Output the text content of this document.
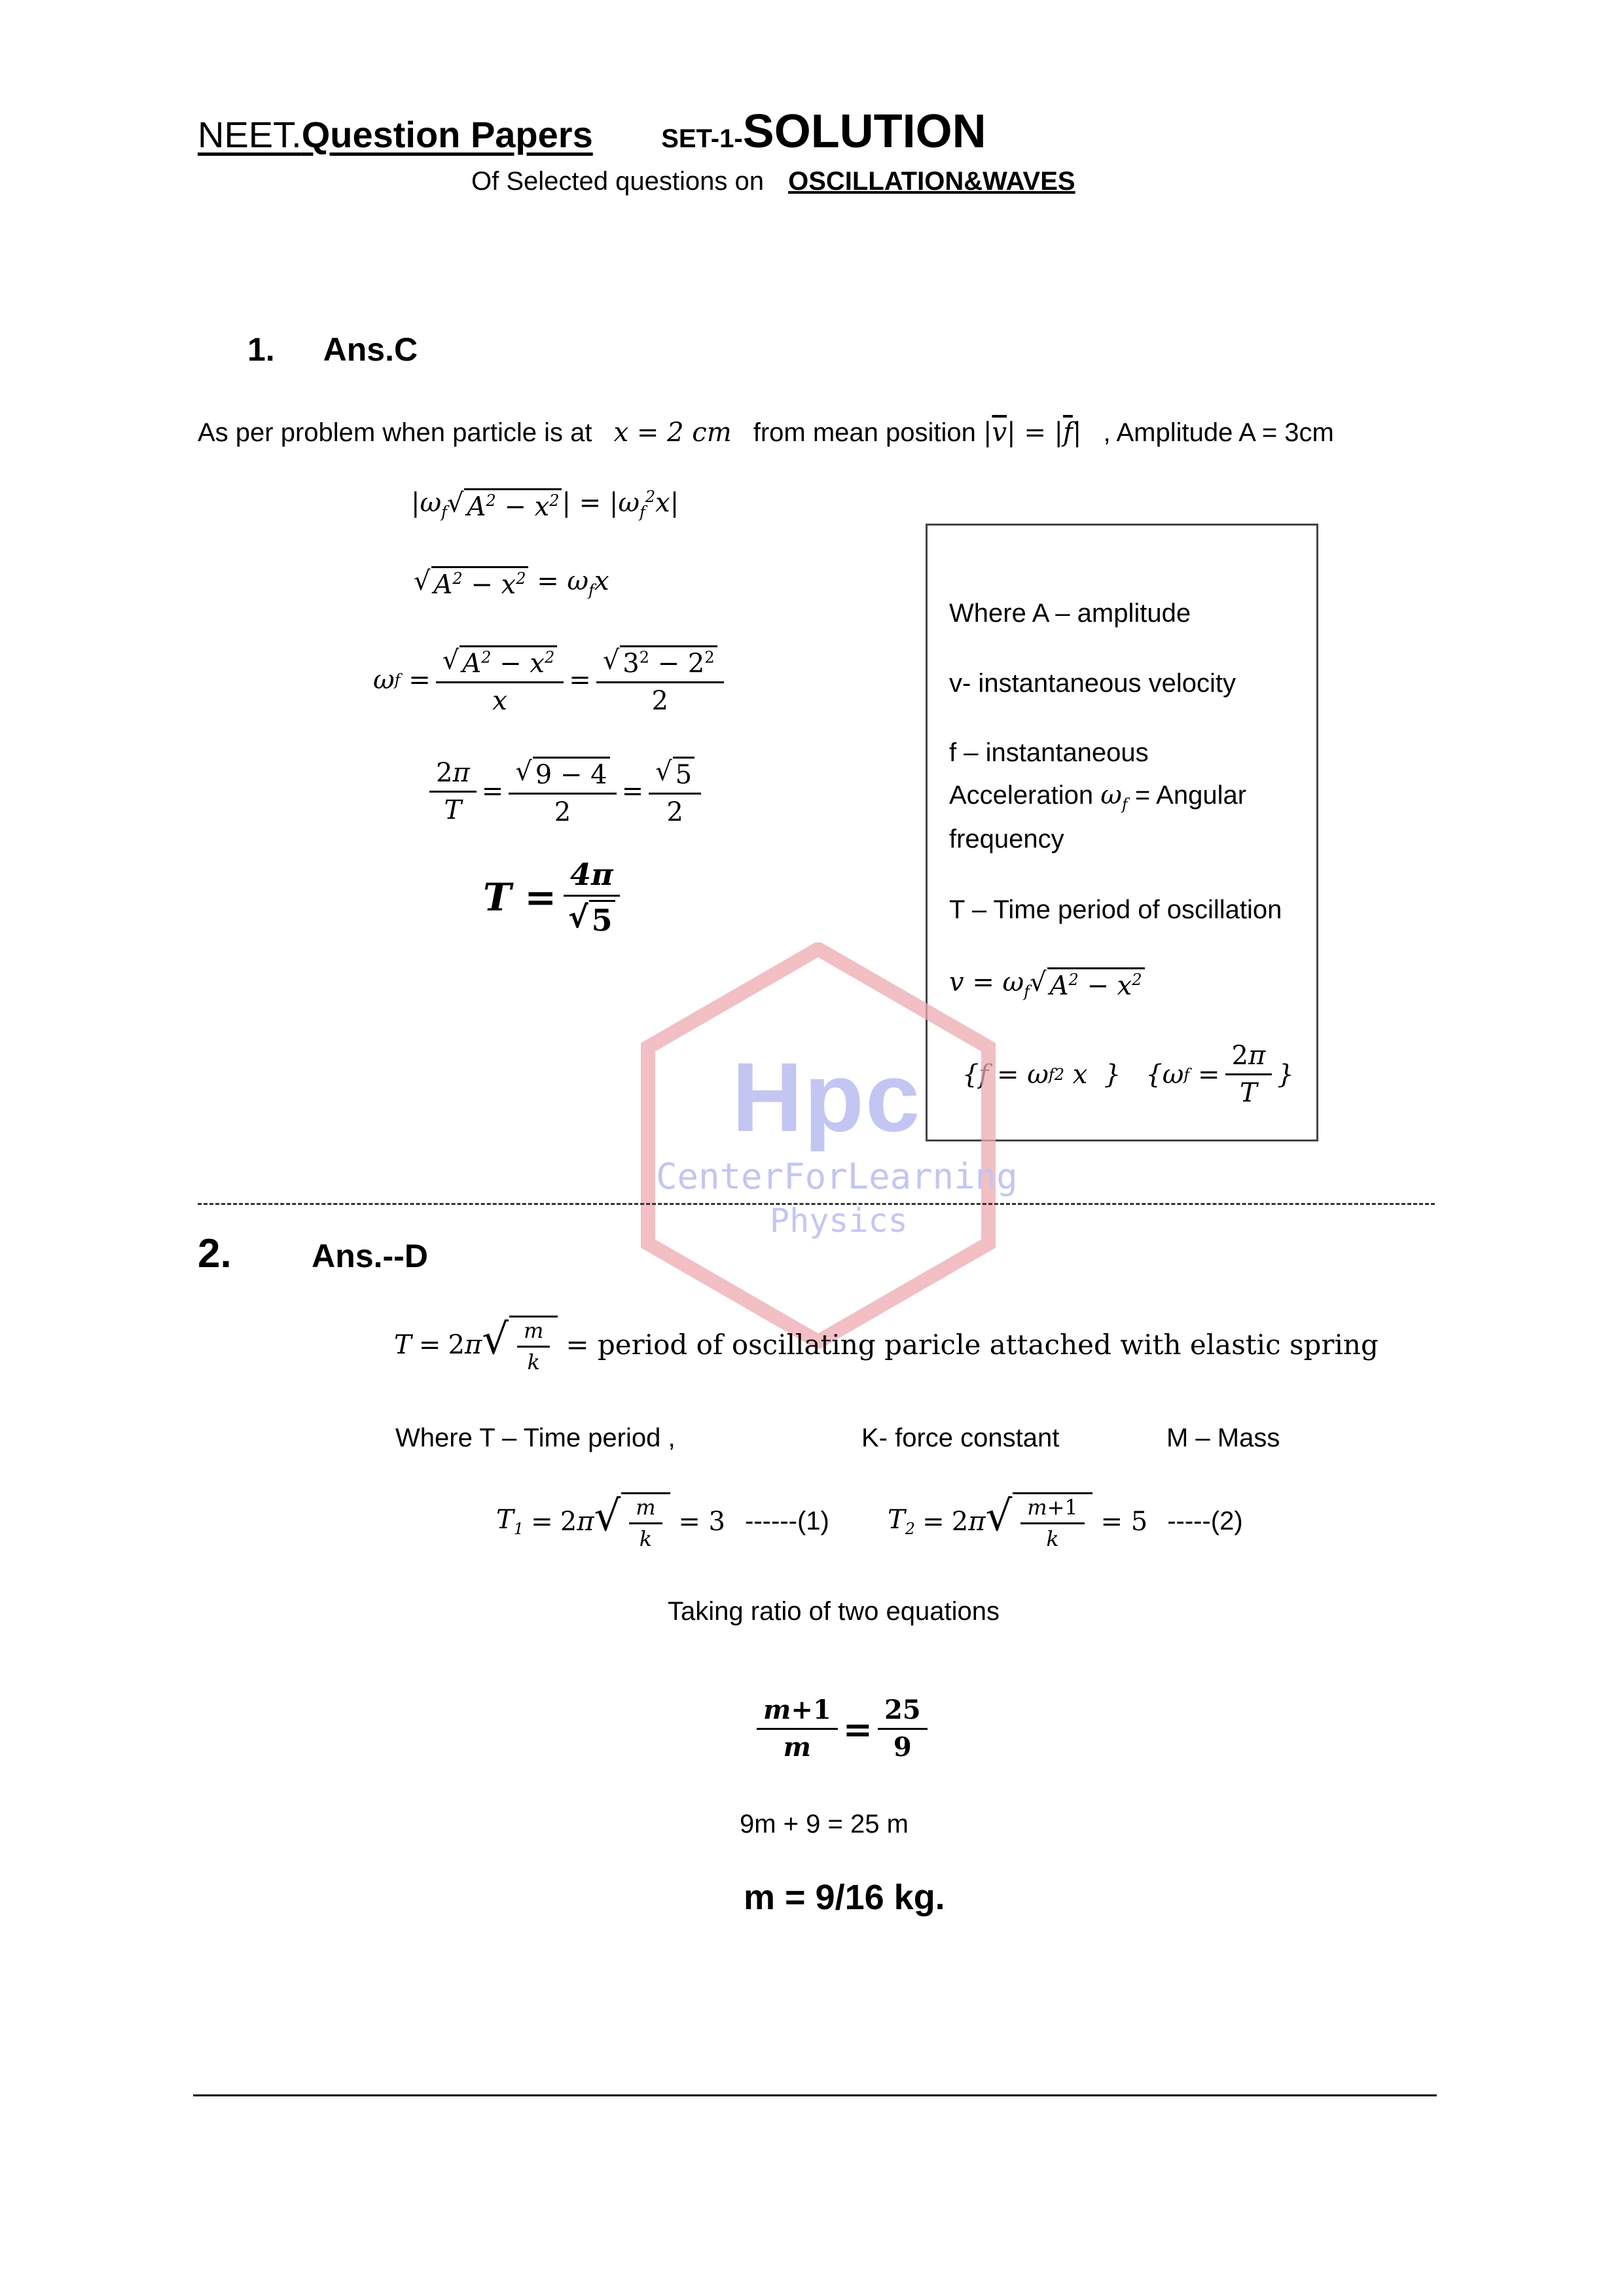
NEET.Question Papers	SET-1-SOLUTION
Of Selected questions on OSCILLATION&WAVES
1. Ans.C
As per problem when particle is at x = 2 cm from mean position $|\overline{v}| = |\overline{f}|$ , Amplitude A = 3cm
$|\omega_f$ √ $A^2 - x^2$ | = $|\omega_f^2x|$
√ $A^2 - x^2 = \omega_fx$
ω f
= $\frac{√ A^2 - x^2}{x} = \frac{√ 3^2 - 2^2}{2}$
$\frac{2\pi}{T} = \frac{√ 9 - 4}{2} = \frac{√ 5}{2}$
$T = \frac{4\pi}{√ 5}$
Where A – amplitude
v- instantaneous velocity
f – instantaneous
Acceleration $\omega_f$ = Angular
frequency
T – Time period of oscillation
$v = \omega_f$ √ $A^2 - x^2$
{f = ω f 2 x  }   {ω f
= $\frac{2\pi}{T}$ }
Hpc
CenterForLearning
Physics
2. Ans.--D
T
=
2 π √ $\frac{m}{k}$ = period of oscillating paricle attached with elastic spring
Where T – Time period ,	K- force constant	M – Mass
$T_1$
=
2 π √ $\frac{m}{k} = 3$ ------(1) $T_2$
=
2 π √ $\frac{m+1}{k} = 5$ -----(2)
Taking ratio of two equations
$\frac{m+1}{m} = \frac{25}{9}$
9m + 9 = 25 m
m = 9/16 kg.
